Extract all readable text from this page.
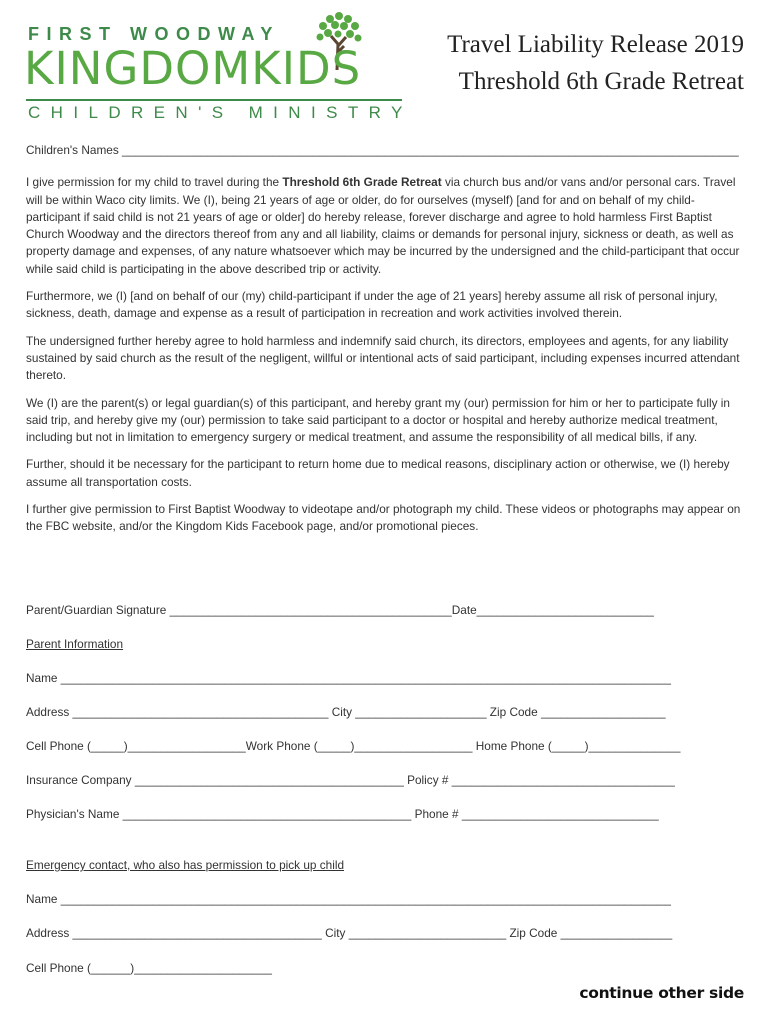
FIRST WOODWAY
KINGDOMKIDS
CHILDREN'S MINISTRY
Travel Liability Release 2019
Threshold 6th Grade Retreat
Children's Names ______________________________________________________________________________________________

I give permission for my child to travel during the Threshold 6th Grade Retreat via church bus and/or vans and/or personal cars. Travel will be within Waco city limits. We (I), being 21 years of age or older, do for ourselves (myself) [and for and on behalf of my child-participant if said child is not 21 years of age or older] do hereby release, forever discharge and agree to hold harmless First Baptist Church Woodway and the directors thereof from any and all liability, claims or demands for personal injury, sickness or death, as well as property damage and expenses, of any nature whatsoever which may be incurred by the undersigned and the child-participant that occur while said child is participating in the above described trip or activity.

Furthermore, we (I) [and on behalf of our (my) child-participant if under the age of 21 years] hereby assume all risk of personal injury, sickness, death, damage and expense as a result of participation in recreation and work activities involved therein.

The undersigned further hereby agree to hold harmless and indemnify said church, its directors, employees and agents, for any liability sustained by said church as the result of the negligent, willful or intentional acts of said participant, including expenses incurred attendant thereto.

We (I) are the parent(s) or legal guardian(s) of this participant, and hereby grant my (our) permission for him or her to participate fully in said trip, and hereby give my (our) permission to take said participant to a doctor or hospital and hereby authorize medical treatment, including but not in limitation to emergency surgery or medical treatment, and assume the responsibility of all medical bills, if any.

Further, should it be necessary for the participant to return home due to medical reasons, disciplinary action or otherwise, we (I) hereby assume all transportation costs.

I further give permission to First Baptist Woodway to videotape and/or photograph my child. These videos or photographs may appear on the FBC website, and/or the Kingdom Kids Facebook page, and/or promotional pieces.

Parent/Guardian Signature ___________________________________________Date___________________________
Parent Information
Name _____________________________________________________________________________________________
Address _______________________________________ City ____________________ Zip Code ___________________
Cell Phone (_____)__________________Work Phone (_____)__________________ Home Phone (_____)______________
Insurance Company _________________________________________ Policy # __________________________________
Physician's Name ____________________________________________ Phone # ______________________________
Emergency contact, who also has permission to pick up child
Name _____________________________________________________________________________________________
Address ______________________________________ City ________________________ Zip Code _________________
Cell Phone (______)_____________________
continue other side
